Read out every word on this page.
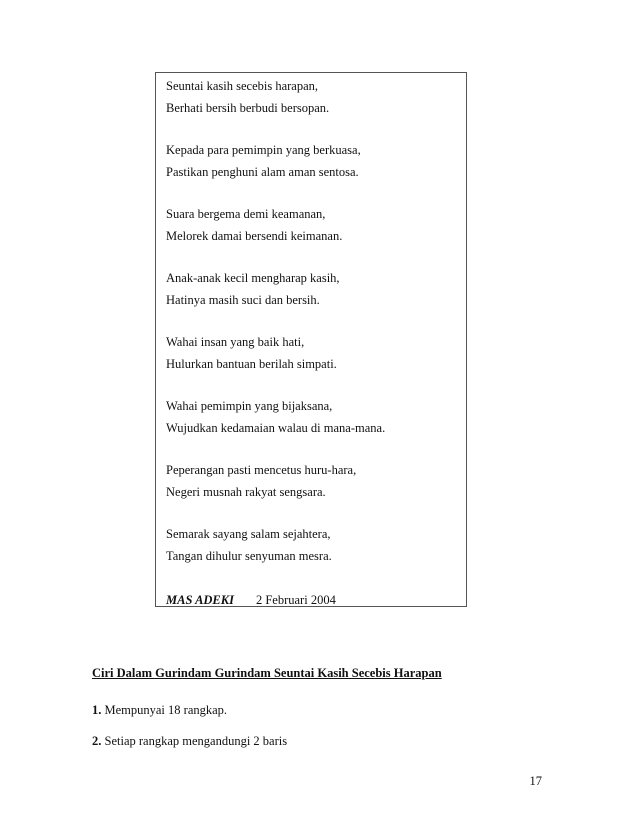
Seuntai kasih secebis harapan,
Berhati bersih berbudi bersopan.
Kepada para pemimpin yang berkuasa,
Pastikan penghuni alam aman sentosa.
Suara bergema demi keamanan,
Melorek damai bersendi keimanan.
Anak-anak kecil mengharap kasih,
Hatinya masih suci dan bersih.
Wahai insan yang baik hati,
Hulurkan bantuan berilah simpati.
Wahai pemimpin yang bijaksana,
Wujudkan kedamaian walau di mana-mana.
Peperangan pasti mencetus huru-hara,
Negeri musnah rakyat sengsara.
Semarak sayang salam sejahtera,
Tangan dihulur senyuman mesra.
MAS ADEKI 2 Februari 2004
Ciri Dalam Gurindam Gurindam Seuntai Kasih Secebis Harapan
1. Mempunyai 18 rangkap.
2. Setiap rangkap mengandungi 2 baris
17
